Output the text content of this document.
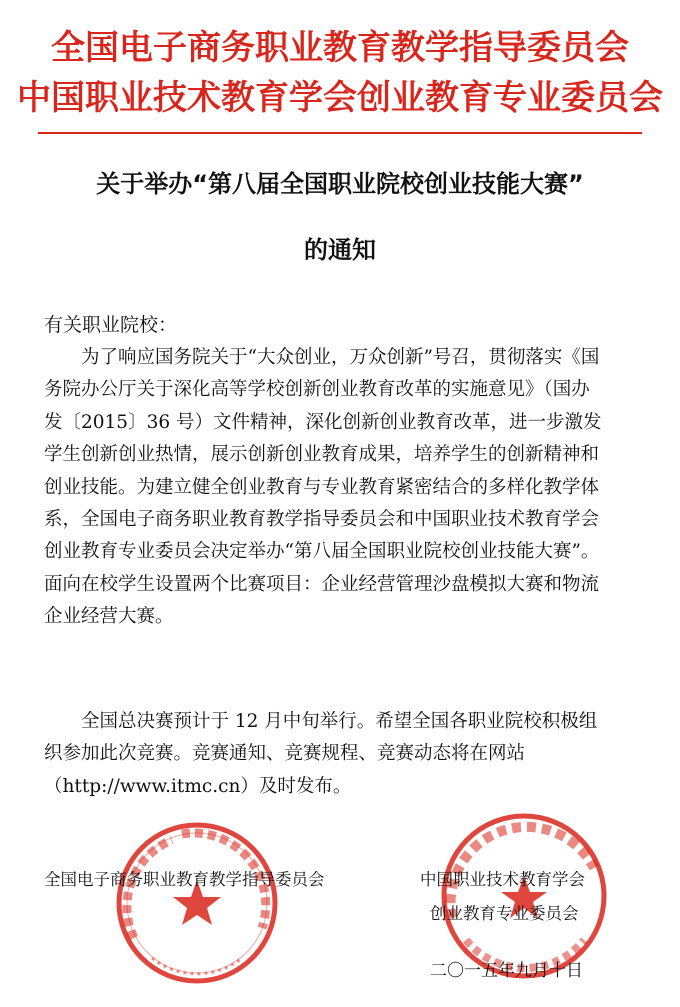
全国电子商务职业教育教学指导委员会
中国职业技术教育学会创业教育专业委员会
关于举办“第八届全国职业院校创业技能大赛”
的通知
有关职业院校：
　　为了响应国务院关于“大众创业，万众创新”号召，贯彻落实《国
务院办公厅关于深化高等学校创新创业教育改革的实施意见》（国办
发〔2015〕36 号）文件精神，深化创新创业教育改革，进一步激发
学生创新创业热情，展示创新创业教育成果，培养学生的创新精神和
创业技能。为建立健全创业教育与专业教育紧密结合的多样化教学体
系，全国电子商务职业教育教学指导委员会和中国职业技术教育学会
创业教育专业委员会决定举办“第八届全国职业院校创业技能大赛”。
面向在校学生设置两个比赛项目：企业经营管理沙盘模拟大赛和物流
企业经营大赛。
　　全国总决赛预计于 12 月中旬举行。希望全国各职业院校积极组
织参加此次竞赛。竞赛通知、竞赛规程、竞赛动态将在网站
（http://www.itmc.cn）及时发布。
全国电子商务职业教育教学指导委员会	中国职业技术教育学会
创业教育专业委员会
二〇一五年九月十日
